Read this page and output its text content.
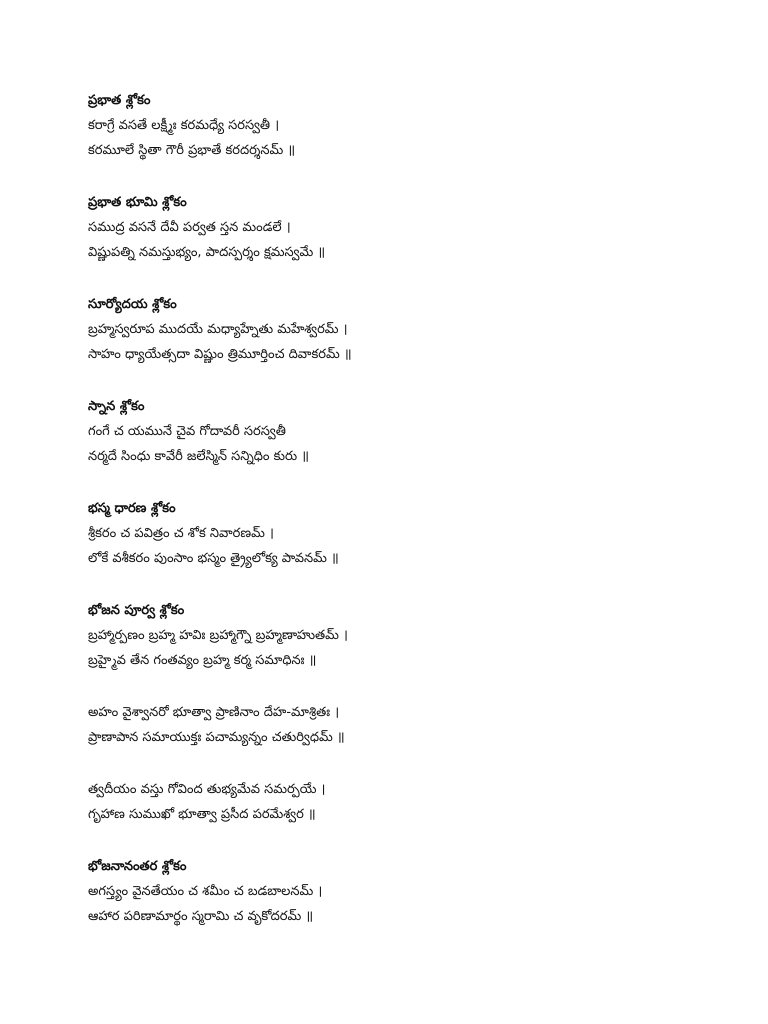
ప్రభాత శ్లోకం
కరాగ్రే వసతే లక్ష్మీః కరమధ్యే సరస్వతీ ।
కరమూలే స్థితా గౌరీ ప్రభాతే కరదర్శనమ్ ॥
ప్రభాత భూమి శ్లోకం
సముద్ర వసనే దేవీ పర్వత స్తన మండలే ।
విష్ణుపత్ని నమస్తుభ్యం, పాదస్పర్శం క్షమస్వమే ॥
సూర్యోదయ శ్లోకం
బ్రహ్మస్వరూప ముదయే మధ్యాహ్నేతు మహేశ్వరమ్ ।
సాహం ధ్యాయేత్సదా విష్ణుం త్రిమూర్తించ దివాకరమ్ ॥
స్నాన శ్లోకం
గంగే చ యమునే చైవ గోదావరీ సరస్వతీ
నర్మదే సింధు కావేరీ జలేస్మిన్ సన్నిధిం కురు ॥
భస్మ ధారణ శ్లోకం
శ్రీకరం చ పవిత్రం చ శోక నివారణమ్ ।
లోకే వశీకరం పుంసాం భస్మం త్ర్యైలోక్య పావనమ్ ॥
భోజన పూర్వ శ్లోకం
బ్రహ్మార్పణం బ్రహ్మ హవిః బ్రహ్మాగ్నౌ బ్రహ్మణాహుతమ్ ।
బ్రహ్మైవ తేన గంతవ్యం బ్రహ్మ కర్మ సమాధినః ॥
అహం వైశ్వానరో భూత్వా ప్రాణినాం దేహ-మాశ్రితః ।
ప్రాణాపాన సమాయుక్తః పచామ్యన్నం చతుర్విధమ్ ॥
త్వదీయం వస్తు గోవింద తుభ్యమేవ సమర్పయే ।
గృహాణ సుముఖో భూత్వా ప్రసీద పరమేశ్వర ॥
భోజనానంతర శ్లోకం
అగస్త్యం వైనతేయం చ శమీం చ బడబాలనమ్ ।
ఆహార పరిణామార్థం స్మరామి చ వృకోదరమ్ ॥
